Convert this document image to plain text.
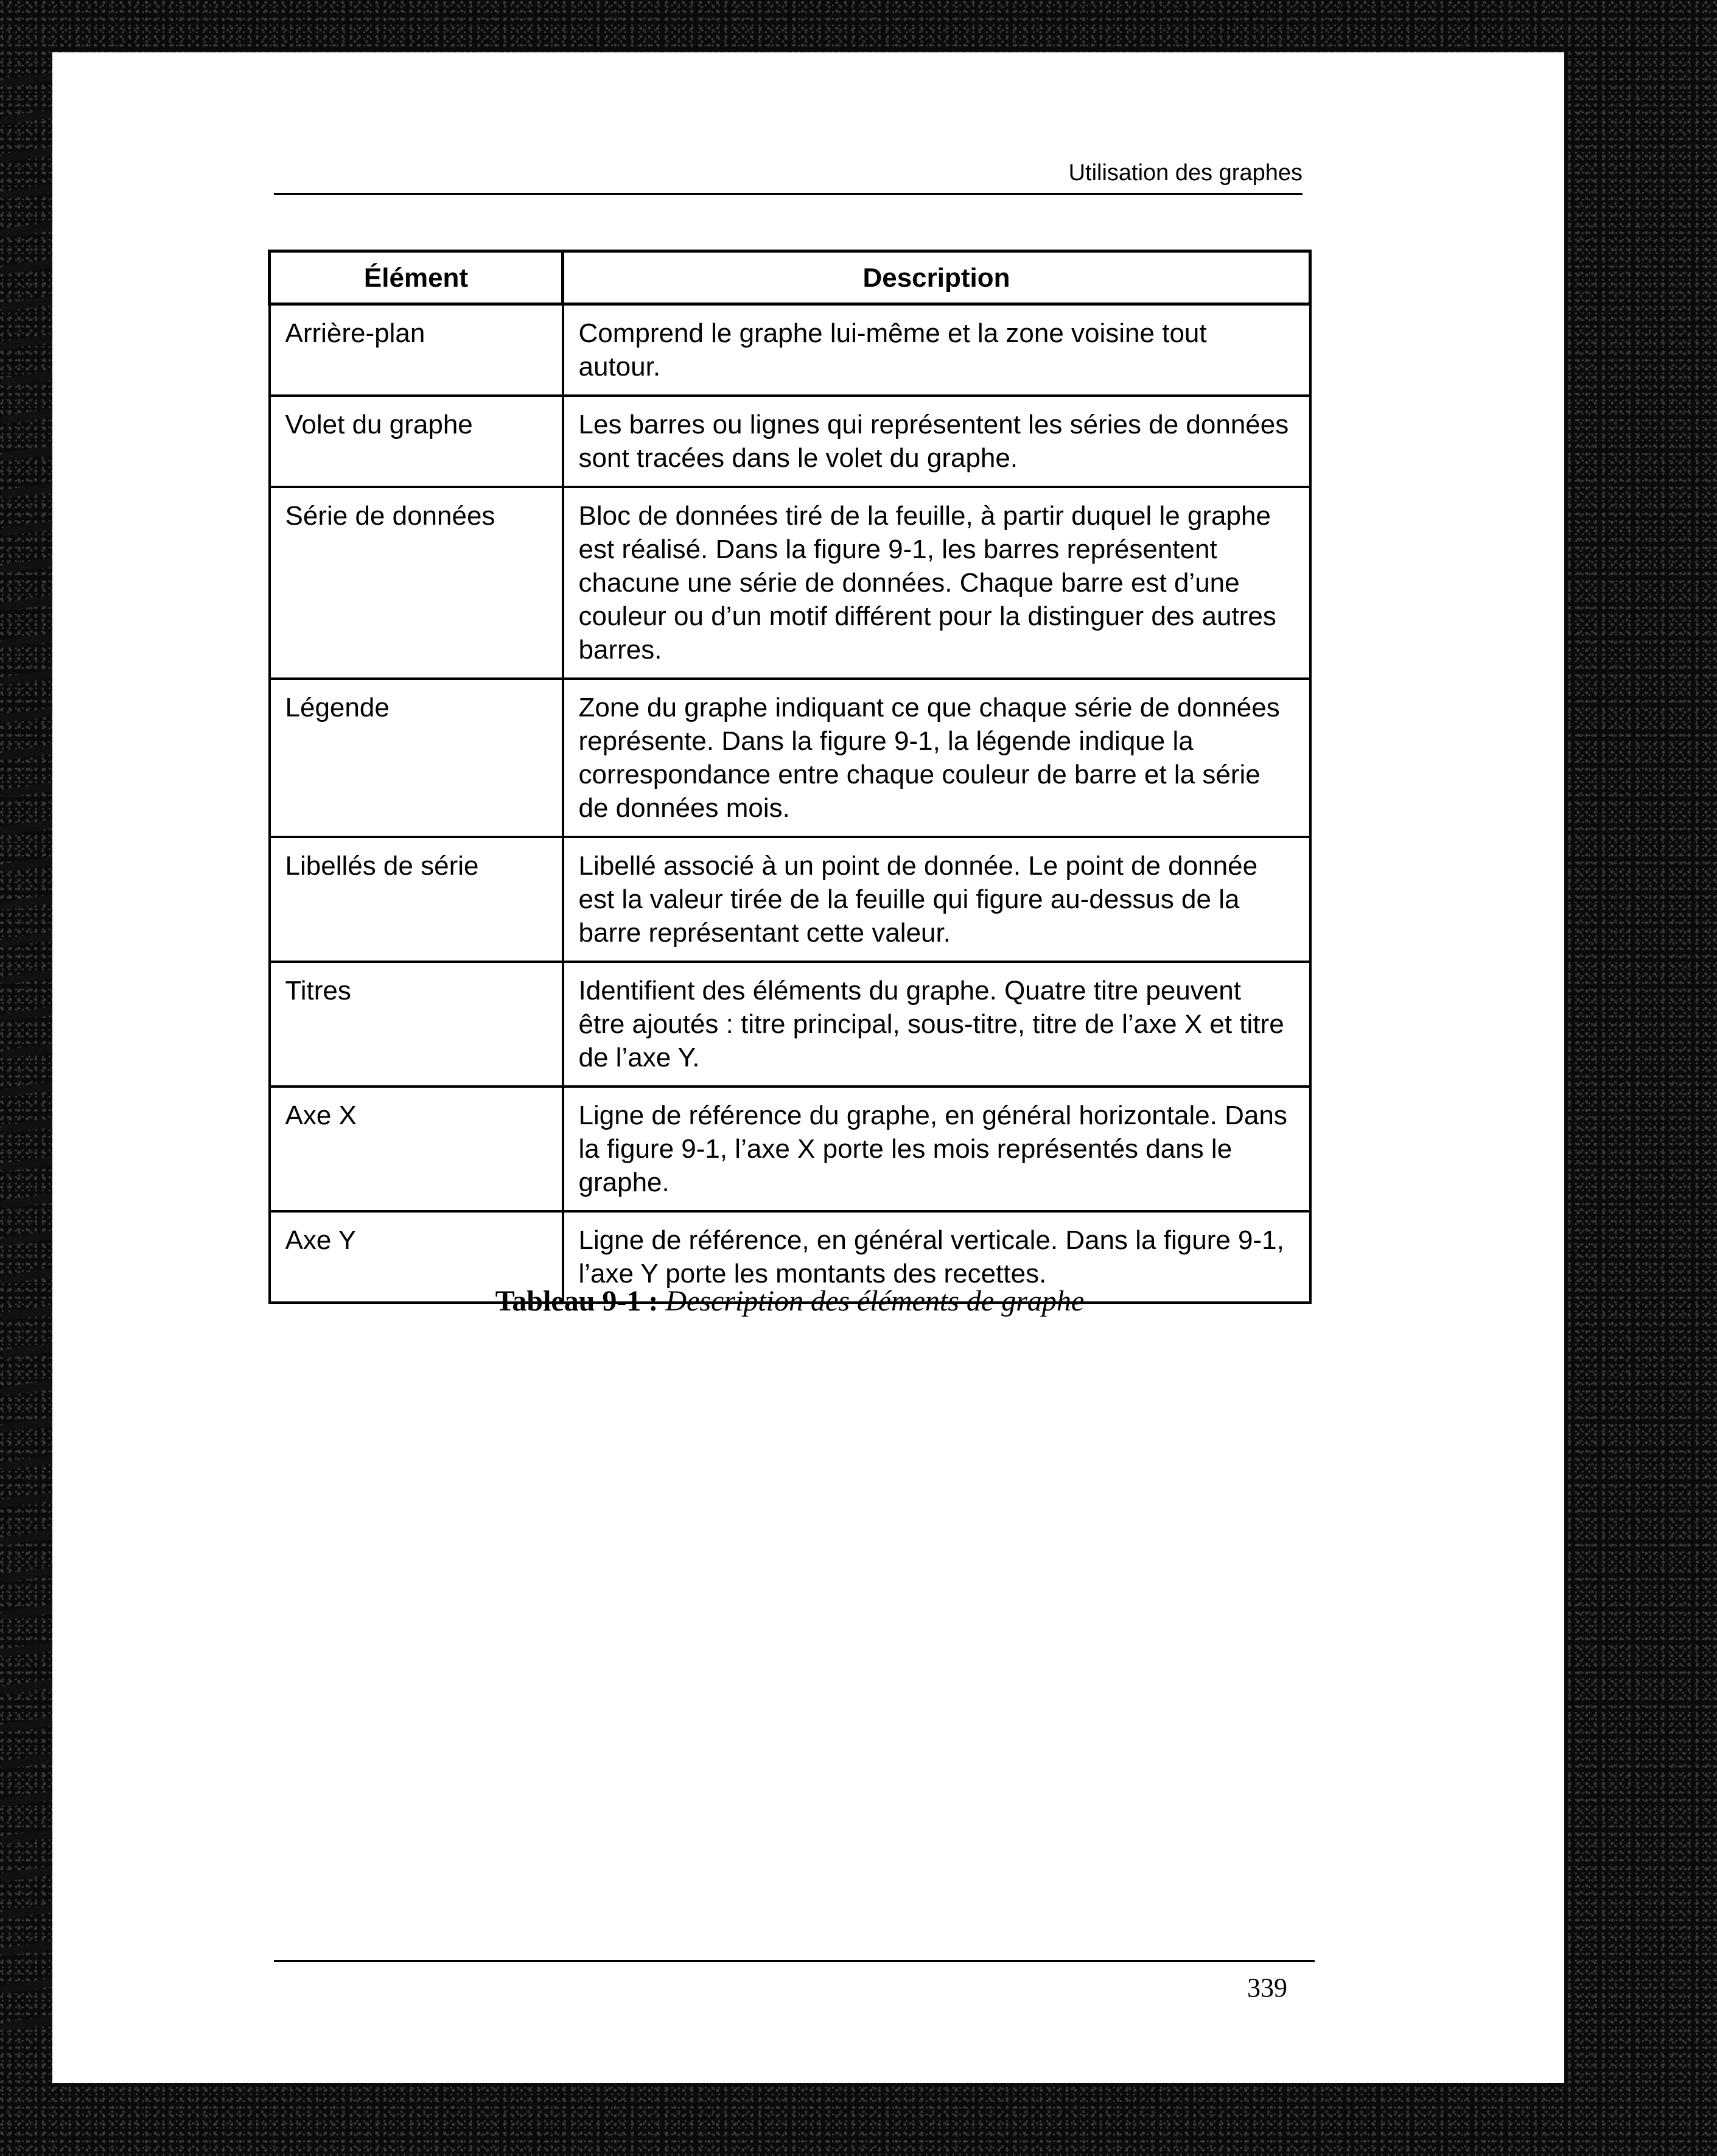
Utilisation des graphes
Élément	Description
Arrière-plan	Comprend le graphe lui-même et la zone voisine tout autour.
Volet du graphe	Les barres ou lignes qui représentent les séries de données sont tracées dans le volet du graphe.
Série de données	Bloc de données tiré de la feuille, à partir duquel le graphe est réalisé. Dans la figure 9-1, les barres représentent chacune une série de données. Chaque barre est d’une couleur ou d’un motif différent pour la distinguer des autres barres.
Légende	Zone du graphe indiquant ce que chaque série de données représente. Dans la figure 9-1, la légende indique la correspondance entre chaque couleur de barre et la série de données mois.
Libellés de série	Libellé associé à un point de donnée. Le point de donnée est la valeur tirée de la feuille qui figure au-dessus de la barre représentant cette valeur.
Titres	Identifient des éléments du graphe. Quatre titre peuvent être ajoutés : titre principal, sous-titre, titre de l’axe X et titre de l’axe Y.
Axe X	Ligne de référence du graphe, en général horizontale. Dans la figure 9-1, l’axe X porte les mois représentés dans le graphe.
Axe Y	Ligne de référence, en général verticale. Dans la figure 9-1, l’axe Y porte les montants des recettes.
Tableau 9-1 : Description des éléments de graphe
339
